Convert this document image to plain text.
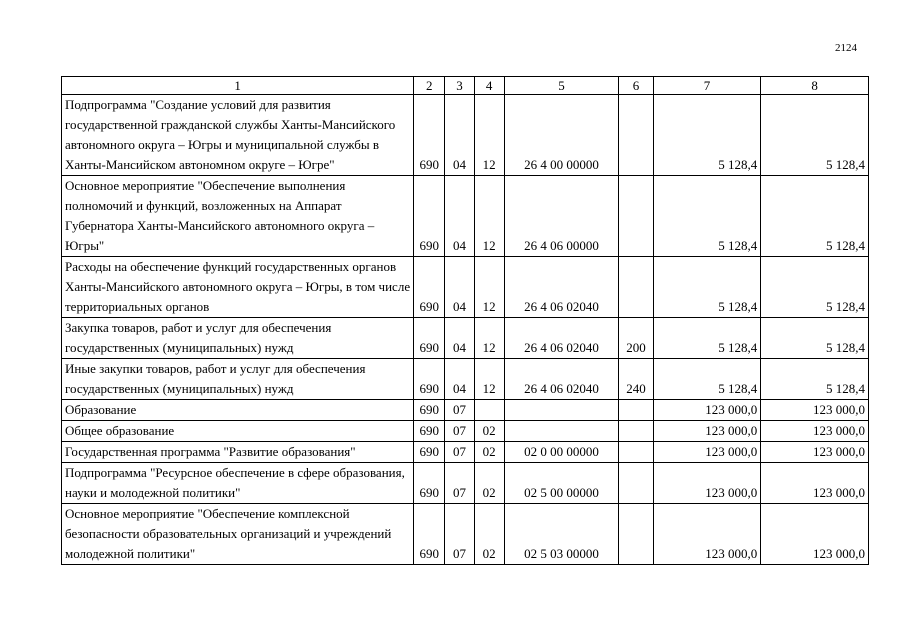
2124
1	2	3	4	5	6	7	8
Подпрограмма "Создание условий для развития государственной гражданской службы Ханты-Мансийского автономного округа – Югры и муниципальной службы в Ханты-Мансийском автономном округе – Югре"	690	04	12	26 4 00 00000		5 128,4	5 128,4
Основное мероприятие "Обеспечение выполнения полномочий и функций, возложенных на Аппарат Губернатора Ханты-Мансийского автономного округа – Югры"	690	04	12	26 4 06 00000		5 128,4	5 128,4
Расходы на обеспечение функций государственных органов Ханты-Мансийского автономного округа – Югры, в том числе территориальных органов	690	04	12	26 4 06 02040		5 128,4	5 128,4
Закупка товаров, работ и услуг для обеспечения государственных (муниципальных) нужд	690	04	12	26 4 06 02040	200	5 128,4	5 128,4
Иные закупки товаров, работ и услуг для обеспечения государственных (муниципальных) нужд	690	04	12	26 4 06 02040	240	5 128,4	5 128,4
Образование	690	07				123 000,0	123 000,0
Общее образование	690	07	02			123 000,0	123 000,0
Государственная программа "Развитие образования"	690	07	02	02 0 00 00000		123 000,0	123 000,0
Подпрограмма "Ресурсное обеспечение в сфере образования, науки и молодежной политики"	690	07	02	02 5 00 00000		123 000,0	123 000,0
Основное мероприятие "Обеспечение комплексной безопасности образовательных организаций и учреждений молодежной политики"	690	07	02	02 5 03 00000		123 000,0	123 000,0
